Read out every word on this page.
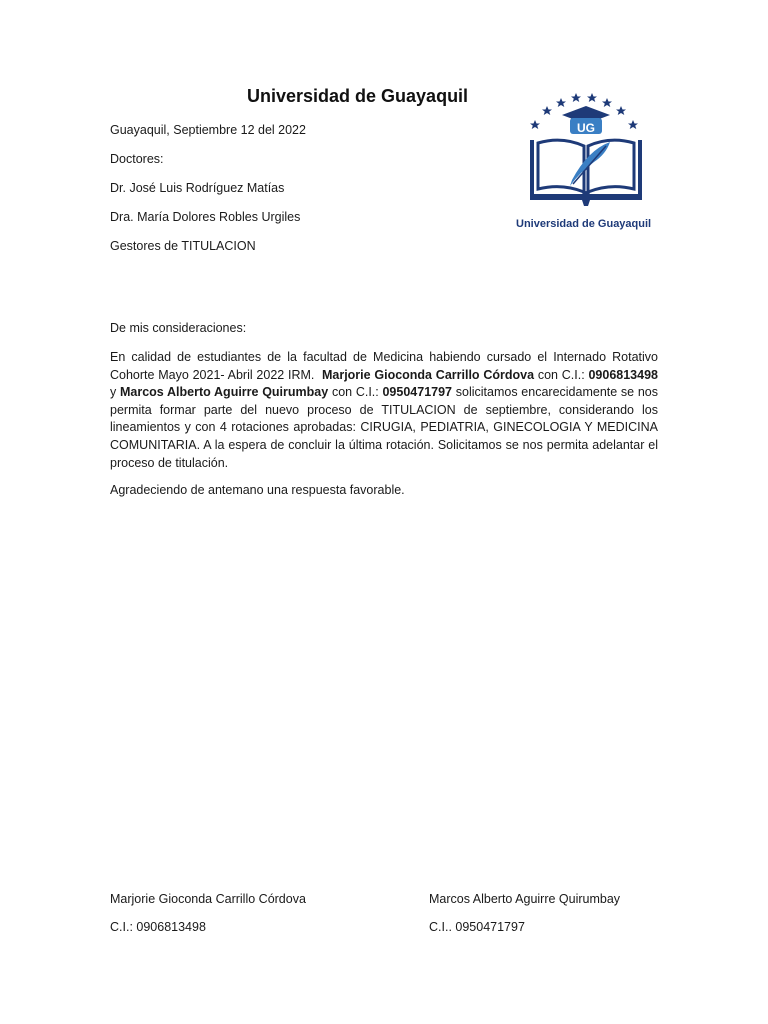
Universidad de Guayaquil
UG
Universidad de Guayaquil
Guayaquil, Septiembre 12 del 2022
Doctores:
Dr. José Luis Rodríguez Matías
Dra. María Dolores Robles Urgiles
Gestores de TITULACION
De mis consideraciones:
En calidad de estudiantes de la facultad de Medicina habiendo cursado el Internado Rotativo Cohorte Mayo 2021- Abril 2022 IRM. Marjorie Gioconda Carrillo Córdova con C.I.: 0906813498 y Marcos Alberto Aguirre Quirumbay con C.I.: 0950471797 solicitamos encarecidamente se nos permita formar parte del nuevo proceso de TITULACION de septiembre, considerando los lineamientos y con 4 rotaciones aprobadas: CIRUGIA, PEDIATRIA, GINECOLOGIA Y MEDICINA COMUNITARIA. A la espera de concluir la última rotación. Solicitamos se nos permita adelantar el proceso de titulación.
Agradeciendo de antemano una respuesta favorable.
Marjorie Gioconda Carrillo Córdova
C.I.: 0906813498
Marcos Alberto Aguirre Quirumbay
C.I.. 0950471797
